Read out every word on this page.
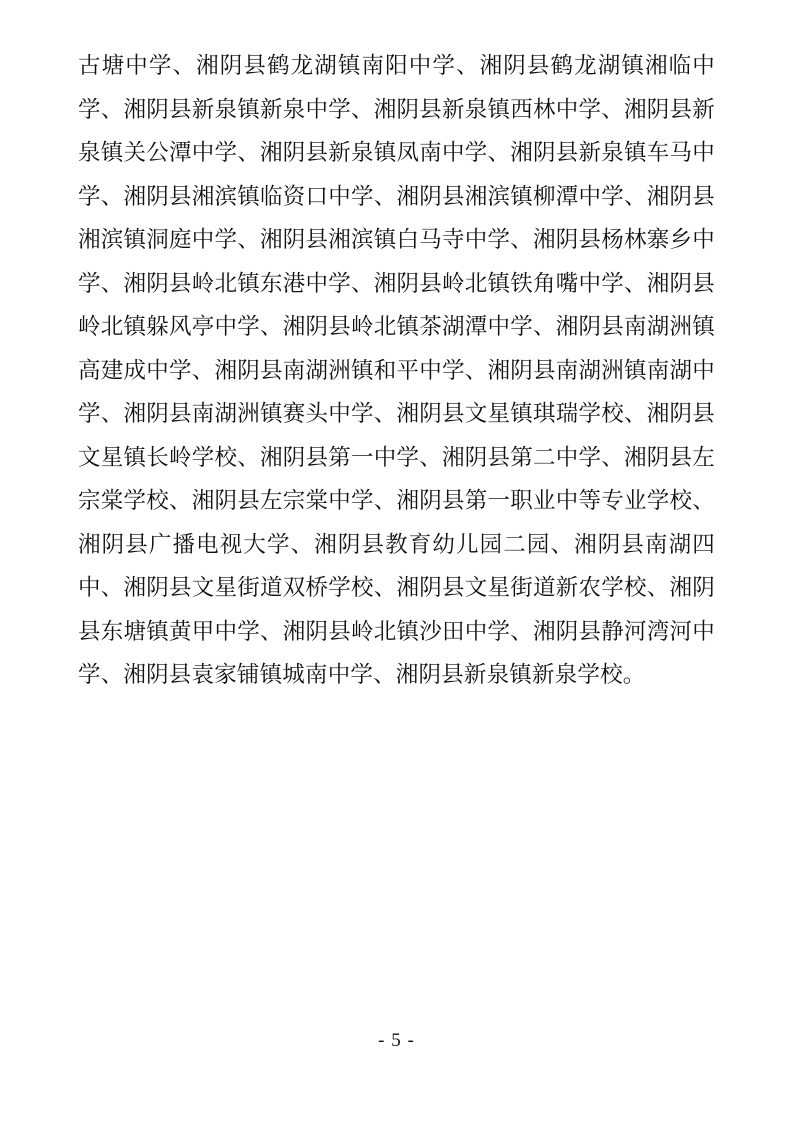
古塘中学、湘阴县鹤龙湖镇南阳中学、湘阴县鹤龙湖镇湘临中学、湘阴县新泉镇新泉中学、湘阴县新泉镇西林中学、湘阴县新泉镇关公潭中学、湘阴县新泉镇凤南中学、湘阴县新泉镇车马中学、湘阴县湘滨镇临资口中学、湘阴县湘滨镇柳潭中学、湘阴县湘滨镇洞庭中学、湘阴县湘滨镇白马寺中学、湘阴县杨林寨乡中学、湘阴县岭北镇东港中学、湘阴县岭北镇铁角嘴中学、湘阴县岭北镇躲风亭中学、湘阴县岭北镇茶湖潭中学、湘阴县南湖洲镇高建成中学、湘阴县南湖洲镇和平中学、湘阴县南湖洲镇南湖中学、湘阴县南湖洲镇赛头中学、湘阴县文星镇琪瑞学校、湘阴县文星镇长岭学校、湘阴县第一中学、湘阴县第二中学、湘阴县左宗棠学校、湘阴县左宗棠中学、湘阴县第一职业中等专业学校、湘阴县广播电视大学、湘阴县教育幼儿园二园、湘阴县南湖四中、湘阴县文星街道双桥学校、湘阴县文星街道新农学校、湘阴县东塘镇黄甲中学、湘阴县岭北镇沙田中学、湘阴县静河湾河中学、湘阴县袁家铺镇城南中学、湘阴县新泉镇新泉学校。
- 5 -
